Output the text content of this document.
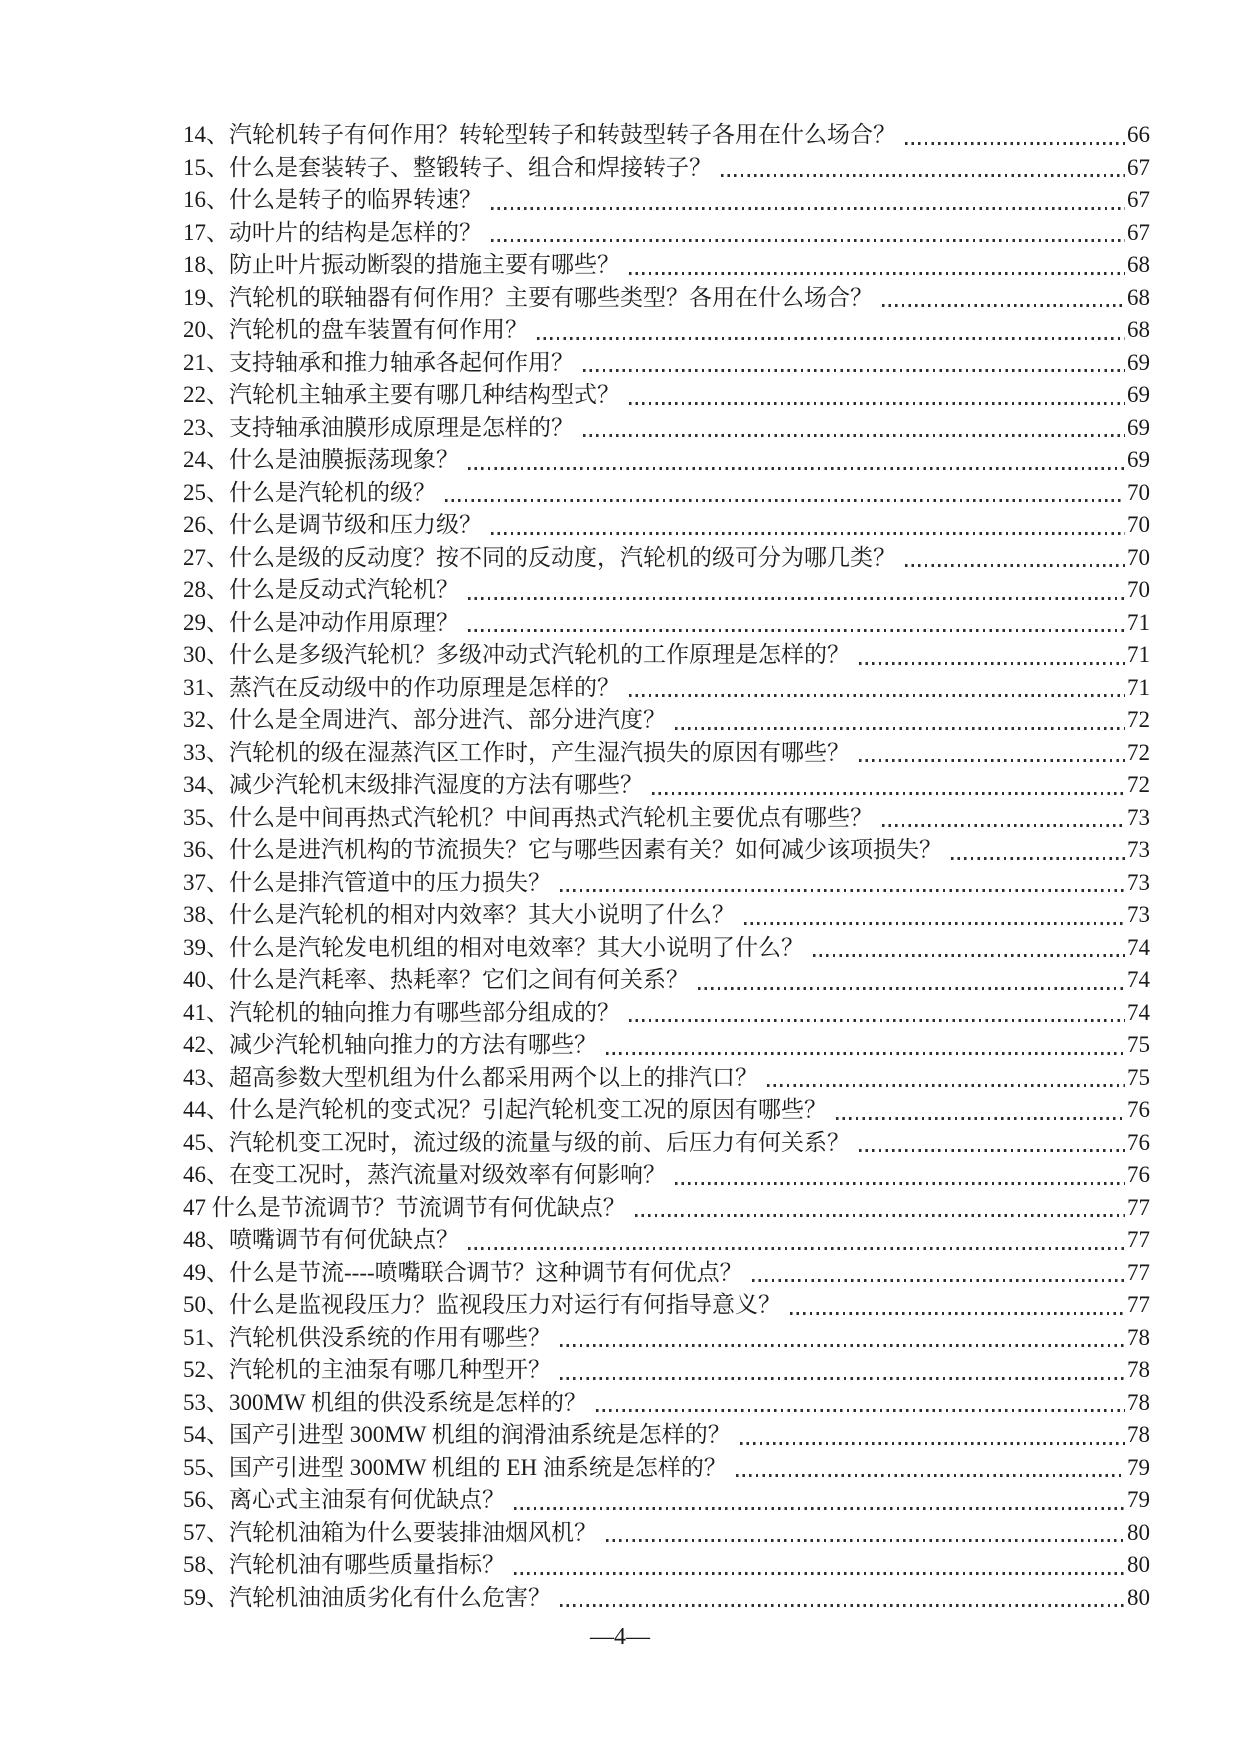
14、 汽轮机转子有何作用？转轮型转子和转鼓型转子各用在什么场合？	66
15、 什么是套装转子、整锻转子、组合和焊接转子？	67
16、 什么是转子的临界转速？	67
17、 动叶片的结构是怎样的？	67
18、 防止叶片振动断裂的措施主要有哪些？	68
19、 汽轮机的联轴器有何作用？主要有哪些类型？各用在什么场合？	68
20、 汽轮机的盘车装置有何作用？	68
21、 支持轴承和推力轴承各起何作用？	69
22、 汽轮机主轴承主要有哪几种结构型式？	69
23、 支持轴承油膜形成原理是怎样的？	69
24、 什么是油膜振荡现象？	69
25、 什么是汽轮机的级？	70
26、 什么是调节级和压力级？	70
27、 什么是级的反动度？按不同的反动度，汽轮机的级可分为哪几类？	70
28、 什么是反动式汽轮机？	70
29、 什么是冲动作用原理？	71
30、 什么是多级汽轮机？多级冲动式汽轮机的工作原理是怎样的？	71
31、 蒸汽在反动级中的作功原理是怎样的？	71
32、 什么是全周进汽、部分进汽、部分进汽度？	72
33、 汽轮机的级在湿蒸汽区工作时，产生湿汽损失的原因有哪些？	72
34、 减少汽轮机末级排汽湿度的方法有哪些？	72
35、 什么是中间再热式汽轮机？中间再热式汽轮机主要优点有哪些？	73
36、 什么是进汽机构的节流损失？它与哪些因素有关？如何减少该项损失？	73
37、 什么是排汽管道中的压力损失？	73
38、 什么是汽轮机的相对内效率？其大小说明了什么？	73
39、 什么是汽轮发电机组的相对电效率？其大小说明了什么？	74
40、 什么是汽耗率、热耗率？它们之间有何关系？	74
41、 汽轮机的轴向推力有哪些部分组成的？	74
42、 减少汽轮机轴向推力的方法有哪些？	75
43、 超高参数大型机组为什么都采用两个以上的排汽口？	75
44、 什么是汽轮机的变式况？引起汽轮机变工况的原因有哪些？	76
45、 汽轮机变工况时，流过级的流量与级的前、后压力有何关系？	76
46、 在变工况时，蒸汽流量对级效率有何影响？	76
47 什么是节流调节？节流调节有何优缺点？	77
48、 喷嘴调节有何优缺点？	77
49、 什么是节流----喷嘴联合调节？这种调节有何优点？	77
50、 什么是监视段压力？监视段压力对运行有何指导意义？	77
51、 汽轮机供没系统的作用有哪些？	78
52、 汽轮机的主油泵有哪几种型开？	78
53、 300MW 机组的供没系统是怎样的？	78
54、 国产引进型 300MW 机组的润滑油系统是怎样的？	78
55、 国产引进型 300MW 机组的 EH 油系统是怎样的？	79
56、 离心式主油泵有何优缺点？	79
57、 汽轮机油箱为什么要装排油烟风机？	80
58、 汽轮机油有哪些质量指标？	80
59、 汽轮机油油质劣化有什么危害？	80
—4—
